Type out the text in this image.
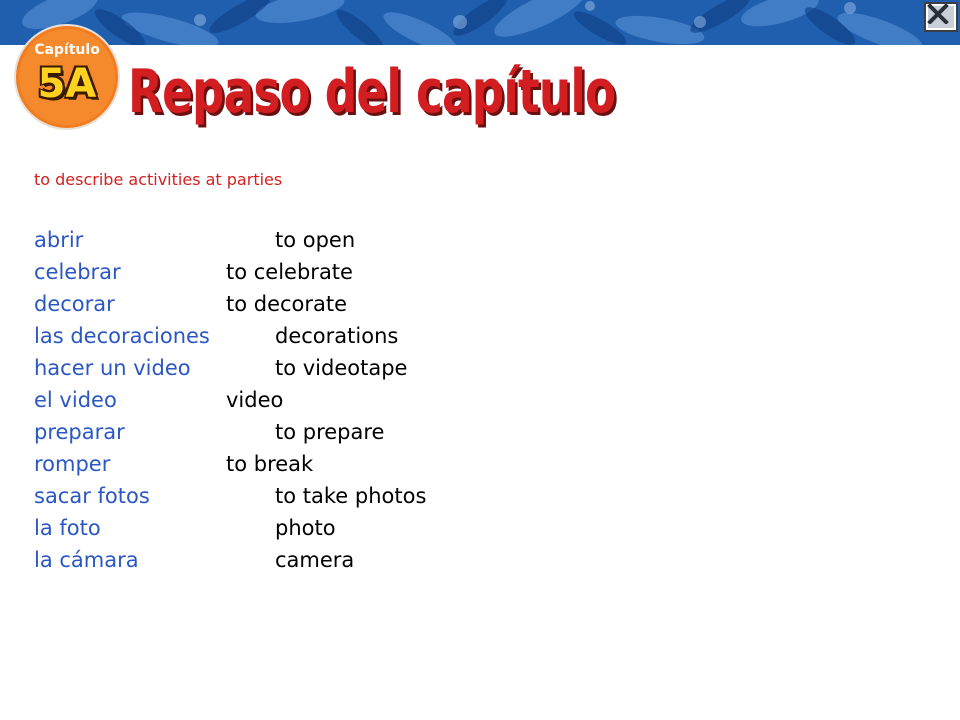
Capítulo
5A Repaso del capítulo

to describe activities at parties

abrir	to open
celebrar	to celebrate
decorar	to decorate
las decoraciones	decorations
hacer un video	to videotape
el video	video
preparar	to prepare
romper	to break
sacar fotos	to take photos
la foto	photo
la cámara	camera
